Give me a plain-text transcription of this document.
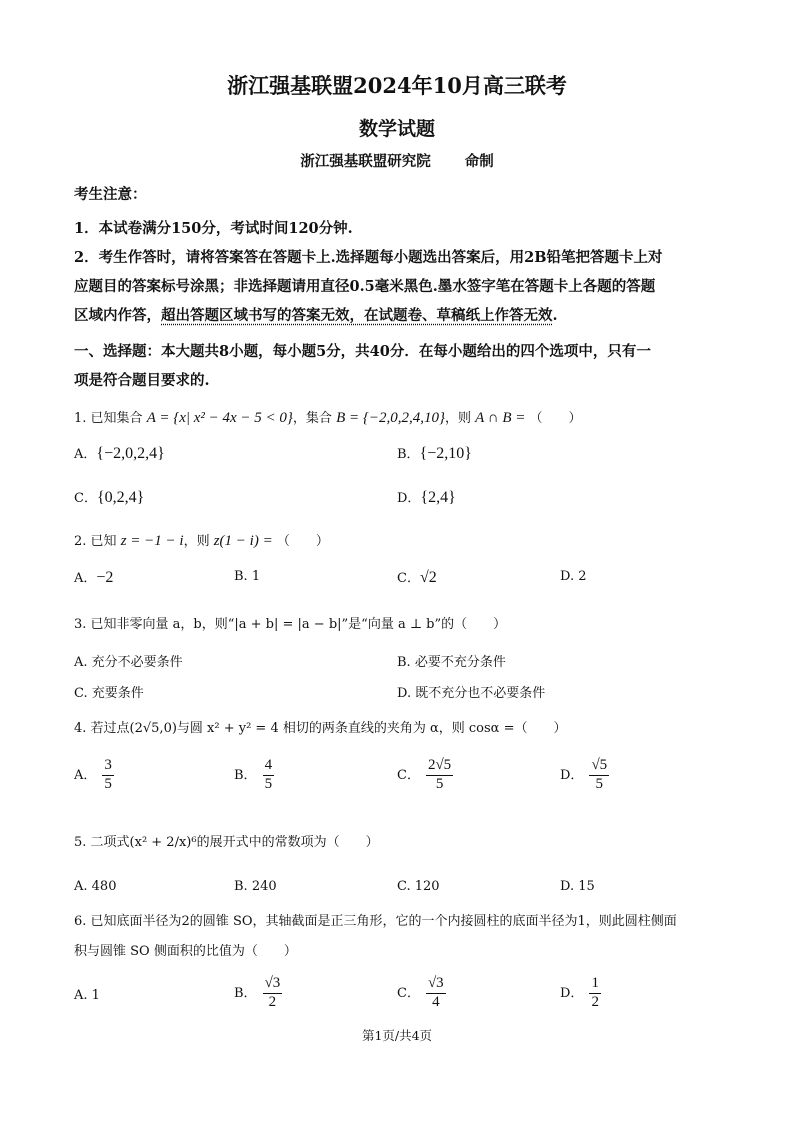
浙江强基联盟2024年10月高三联考
数学试题
浙江强基联盟研究院 命制
考生注意：
1．本试卷满分150分，考试时间120分钟.
2．考生作答时，请将答案答在答题卡上.选择题每小题选出答案后，用2B铅笔把答题卡上对
应题目的答案标号涂黑；非选择题请用直径0.5毫米黑色.墨水签字笔在答题卡上各题的答题
区域内作答，超出答题区域书写的答案无效，在试题卷、草稿纸上作答无效.
一、选择题：本大题共8小题，每小题5分，共40分．在每小题给出的四个选项中，只有一
项是符合题目要求的.
1. 已知集合 A = {x| x² − 4x − 5 < 0}，集合 B = {−2,0,2,4,10}，则 A ∩ B = （　　）
A．{−2,0,2,4}	B．{−2,10}
C．{0,2,4}	D．{2,4}
2. 已知 z = −1 − i，则 z(1 − i) = （　　）
A．−2	B. 1	C．√2	D. 2
3. 已知非零向量 a，b，则“|a + b| = |a − b|”是“向量 a ⊥ b”的（　　）
A. 充分不必要条件	B. 必要不充分条件
C. 充要条件	D. 既不充分也不必要条件
4. 若过点(2√5,0)与圆 x² + y² = 4 相切的两条直线的夹角为 α，则 cosα =（　　）
A． $\frac{3}{5}$	B． $\frac{4}{5}$	C． $\frac{2√5}{5}$	D． $\frac{√5}{5}$
5. 二项式(x² + 2/x)⁶的展开式中的常数项为（　　）
A. 480	B. 240	C. 120	D. 15
6. 已知底面半径为2的圆锥 SO，其轴截面是正三角形，它的一个内接圆柱的底面半径为1，则此圆柱侧面
积与圆锥 SO 侧面积的比值为（　　）
A. 1	B． $\frac{√3}{2}$	C． $\frac{√3}{4}$	D． $\frac{1}{2}$
第1页/共4页
